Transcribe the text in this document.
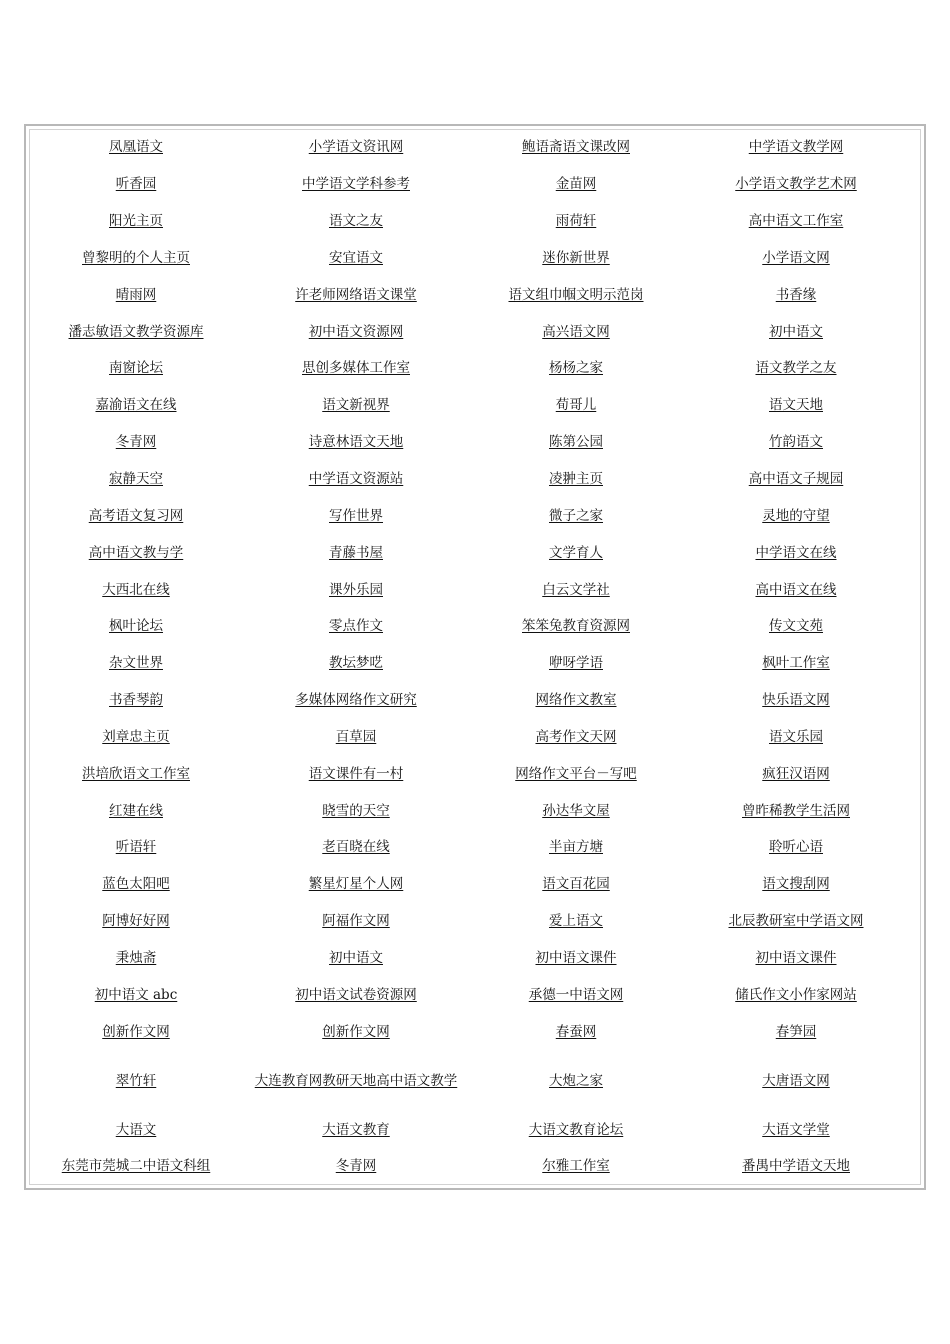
凤凰语文	小学语文资讯网	鲍语斋语文课改网	中学语文教学网
听香园	中学语文学科参考	金苗网	小学语文教学艺术网
阳光主页	语文之友	雨荷轩	高中语文工作室
曾黎明的个人主页	安宜语文	迷你新世界	小学语文网
晴雨网	许老师网络语文课堂	语文组巾帼文明示范岗	书香缘
潘志敏语文教学资源库	初中语文资源网	高兴语文网	初中语文
南窗论坛	思创多媒体工作室	杨杨之家	语文教学之友
嘉渝语文在线	语文新视界	荀哥儿	语文天地
冬青网	诗意林语文天地	陈第公园	竹韵语文
寂静天空	中学语文资源站	凌翀主页	高中语文子规园
高考语文复习网	写作世界	微子之家	灵地的守望
高中语文教与学	青藤书屋	文学育人	中学语文在线
大西北在线	课外乐园	白云文学社	高中语文在线
枫叶论坛	零点作文	笨笨兔教育资源网	传文文苑
杂文世界	教坛梦呓	咿呀学语	枫叶工作室
书香琴韵	多媒体网络作文研究	网络作文教室	快乐语文网
刘章忠主页	百草园	高考作文天网	语文乐园
洪培欣语文工作室	语文课件有一村	网络作文平台－写吧	疯狂汉语网
红建在线	晓雪的天空	孙达华文屋	曾昨稀教学生活网
听语轩	老百晓在线	半亩方塘	聆听心语
蓝色太阳吧	繁星灯星个人网	语文百花园	语文搜刮网
阿博好好网	阿福作文网	爱上语文	北辰教研室中学语文网
秉烛斋	初中语文	初中语文课件	初中语文课件
初中语文 abc	初中语文试卷资源网	承德一中语文网	储氏作文小作家网站
创新作文网	创新作文网	春蚕网	春笋园
翠竹轩	大连教育网教研天地高中语文教学	大炮之家	大唐语文网
大语文	大语文教育	大语文教育论坛	大语文学堂
东莞市莞城二中语文科组	冬青网	尔雅工作室	番禺中学语文天地
